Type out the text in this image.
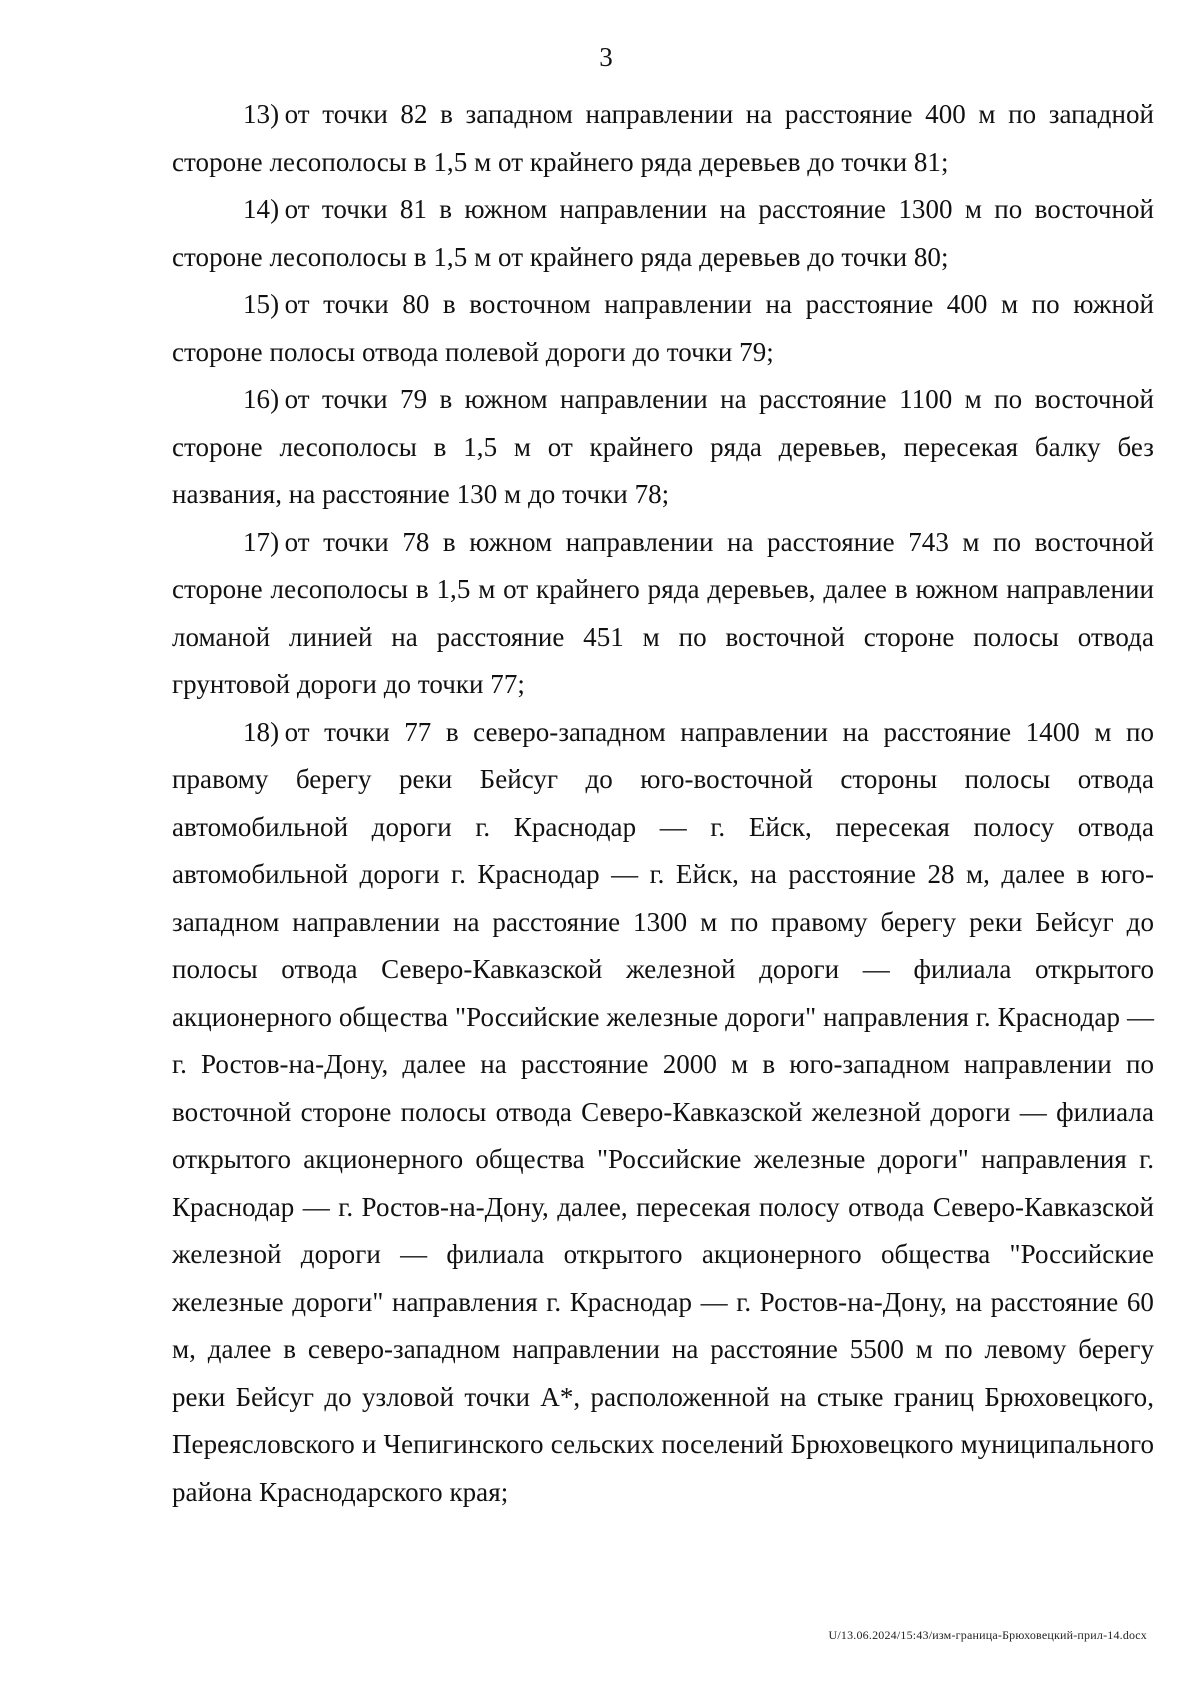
3

13) от точки 82 в западном направлении на расстояние 400 м по западной стороне лесополосы в 1,5 м от крайнего ряда деревьев до точки 81;

14) от точки 81 в южном направлении на расстояние 1300 м по восточной стороне лесополосы в 1,5 м от крайнего ряда деревьев до точки 80;

15) от точки 80 в восточном направлении на расстояние 400 м по южной стороне полосы отвода полевой дороги до точки 79;

16) от точки 79 в южном направлении на расстояние 1100 м по восточной стороне лесополосы в 1,5 м от крайнего ряда деревьев, пересекая балку без названия, на расстояние 130 м до точки 78;

17) от точки 78 в южном направлении на расстояние 743 м по восточной стороне лесополосы в 1,5 м от крайнего ряда деревьев, далее в южном направлении ломаной линией на расстояние 451 м по восточной стороне полосы отвода грунтовой дороги до точки 77;

18) от точки 77 в северо-западном направлении на расстояние 1400 м по правому берегу реки Бейсуг до юго-восточной стороны полосы отвода автомобильной дороги г. Краснодар — г. Ейск, пересекая полосу отвода автомобильной дороги г. Краснодар — г. Ейск, на расстояние 28 м, далее в юго-западном направлении на расстояние 1300 м по правому берегу реки Бейсуг до полосы отвода Северо-Кавказской железной дороги — филиала открытого акционерного общества "Российские железные дороги" направления г. Краснодар — г. Ростов-на-Дону, далее на расстояние 2000 м в юго-западном направлении по восточной стороне полосы отвода Северо-Кавказской железной дороги — филиала открытого акционерного общества "Российские железные дороги" направления г. Краснодар — г. Ростов-на-Дону, далее, пересекая полосу отвода Северо-Кавказской железной дороги — филиала открытого акционерного общества "Российские железные дороги" направления г. Краснодар — г. Ростов-на-Дону, на расстояние 60 м, далее в северо-западном направлении на расстояние 5500 м по левому берегу реки Бейсуг до узловой точки А*, расположенной на стыке границ Брюховецкого, Переясловского и Чепигинского сельских поселений Брюховецкого муниципального района Краснодарского края;

U/13.06.2024/15:43/изм-граница-Брюховецкий-прил-14.docx
